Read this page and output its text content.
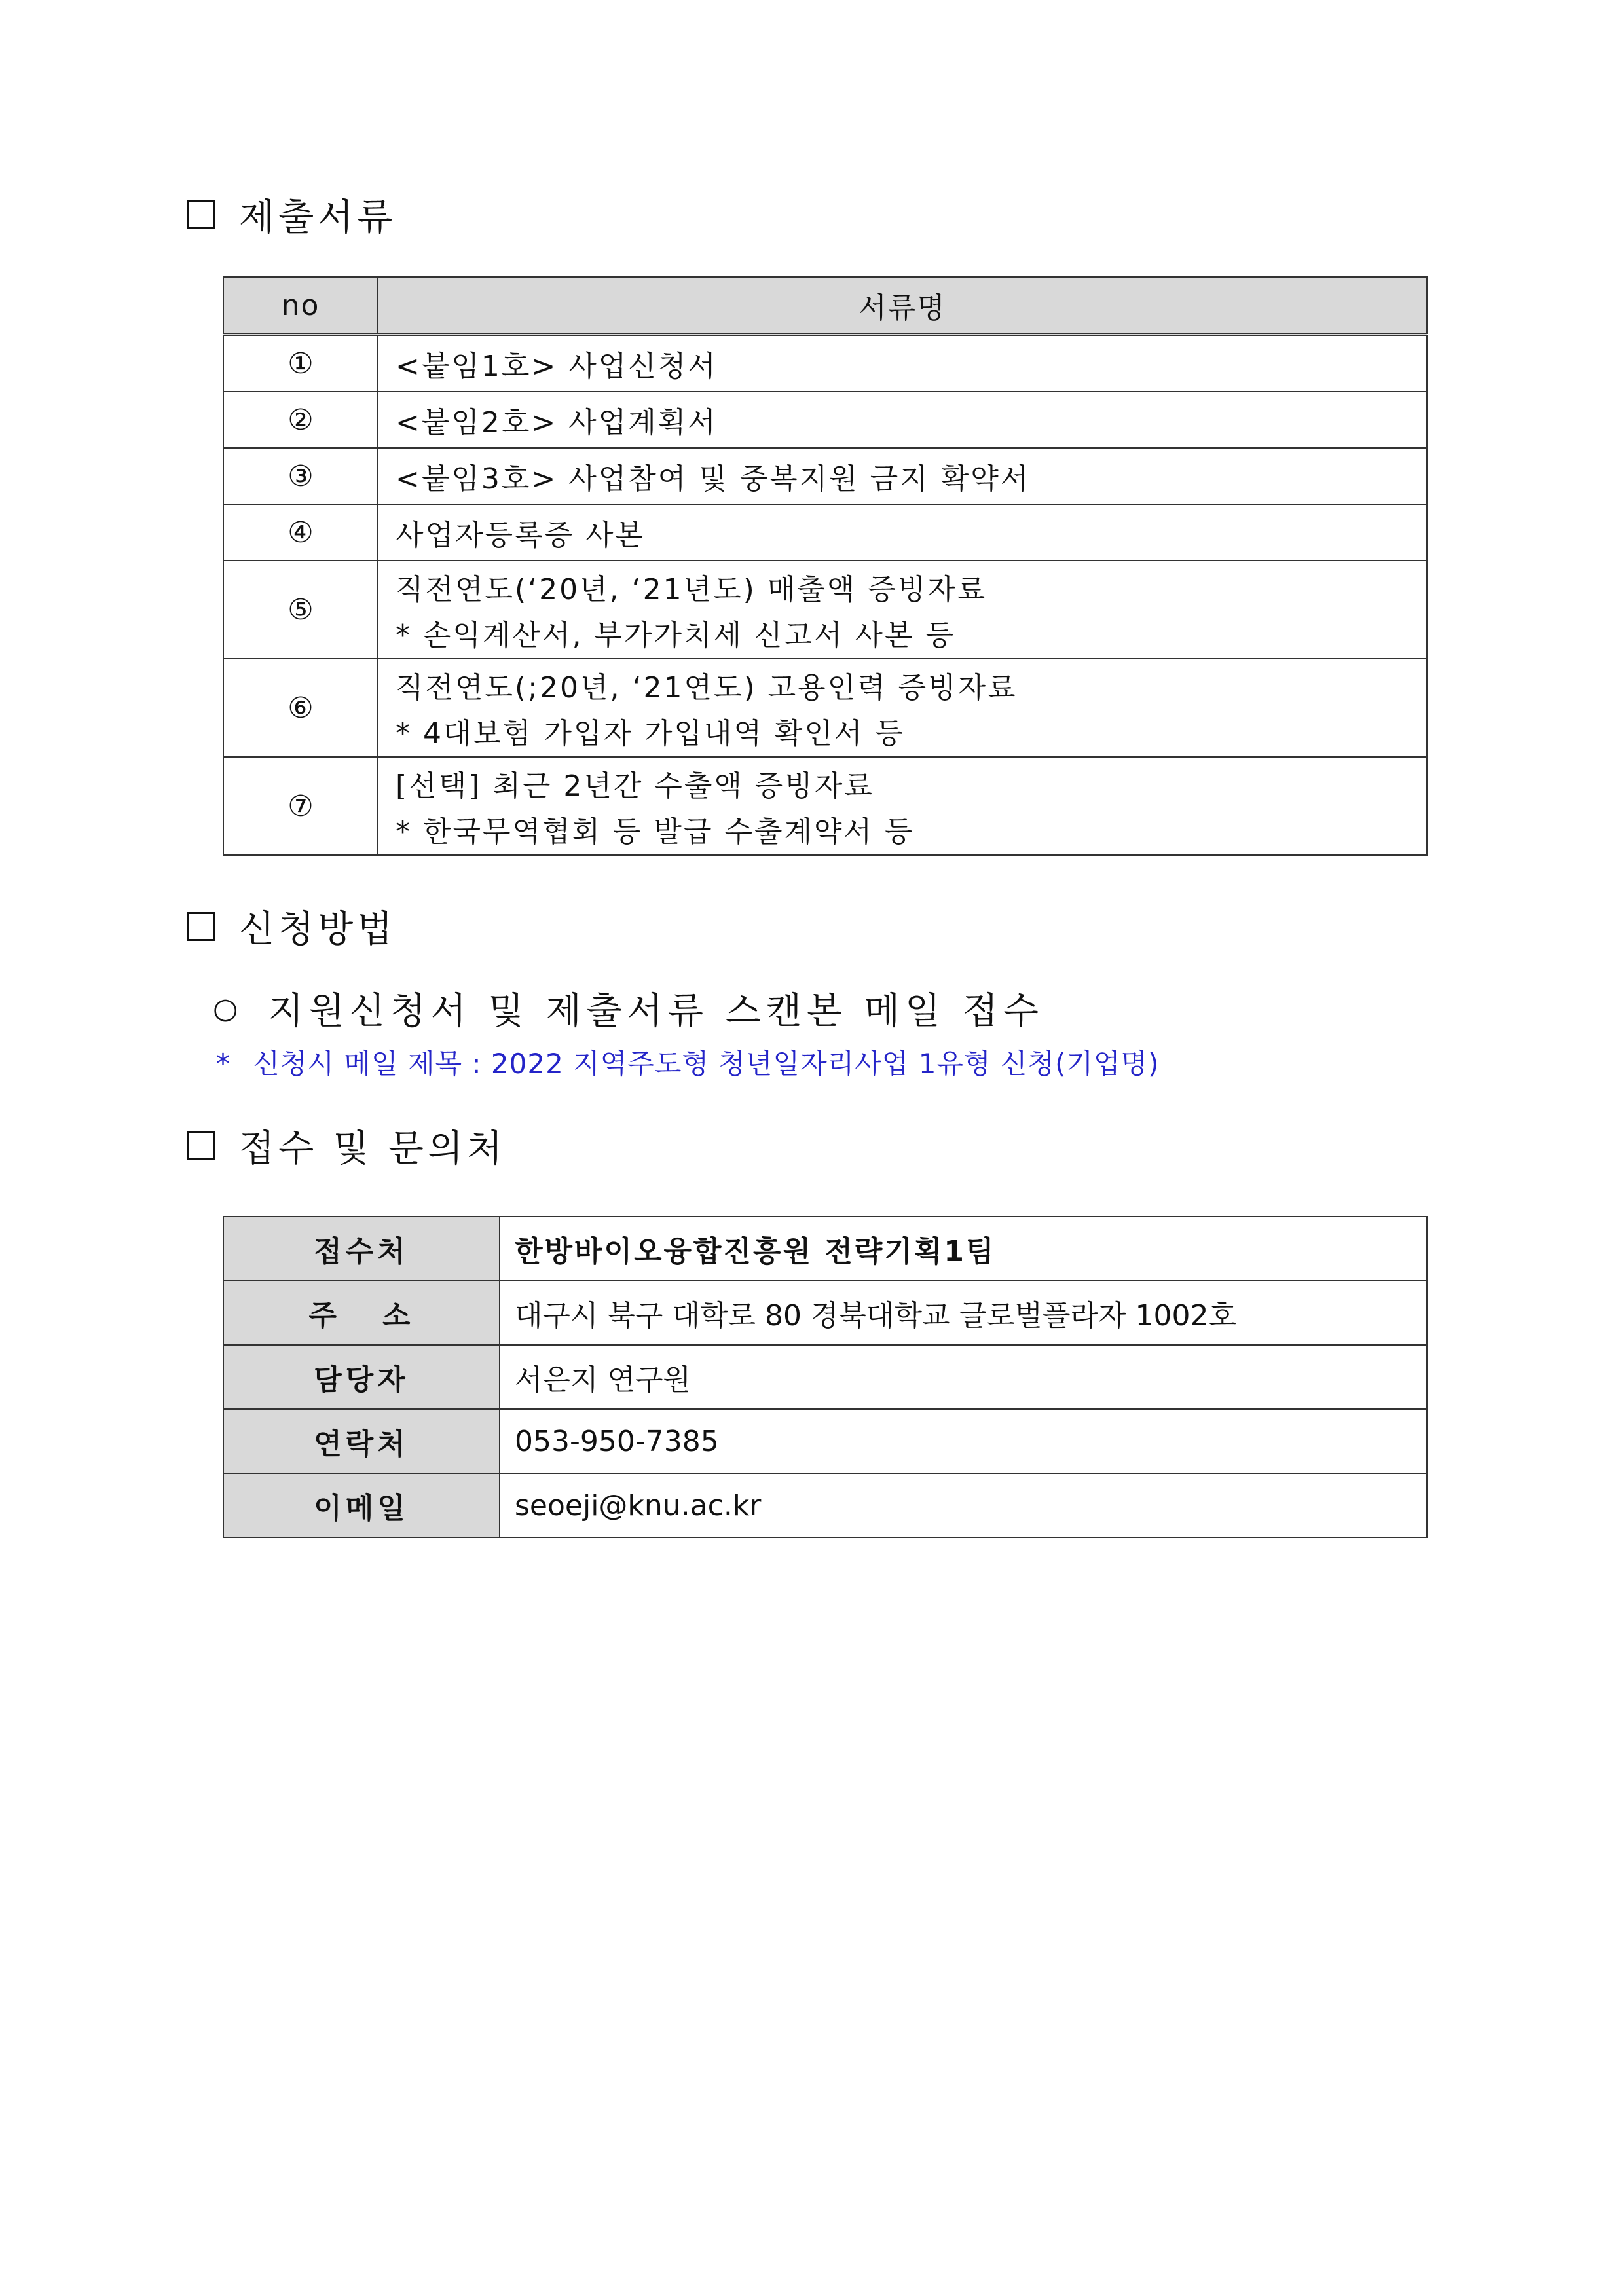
제출서류
no	서류명
①	<붙임1호> 사업신청서

②	<붙임2호> 사업계획서

③	<붙임3호> 사업참여 및 중복지원 금지 확약서

④	사업자등록증 사본

⑤	직전연도(‘20년, ‘21년도) 매출액 증빙자료
* 손익계산서, 부가가치세 신고서 사본 등

⑥	직전연도(;20년, ‘21연도) 고용인력 증빙자료
* 4대보험 가입자 가입내역 확인서 등

⑦	[선택] 최근 2년간 수출액 증빙자료
* 한국무역협회 등 발급 수출계약서 등
신청방법
○ 지원신청서 및 제출서류 스캔본 메일 접수
* 신청시 메일 제목 : 2022 지역주도형 청년일자리사업 1유형 신청(기업명)
접수 및 문의처
접수처	한방바이오융합진흥원 전략기획1팀
주   소	대구시 북구 대학로 80 경북대학교 글로벌플라자 1002호
담당자	서은지 연구원
연락처	053-950-7385
이메일	seoeji@knu.ac.kr
